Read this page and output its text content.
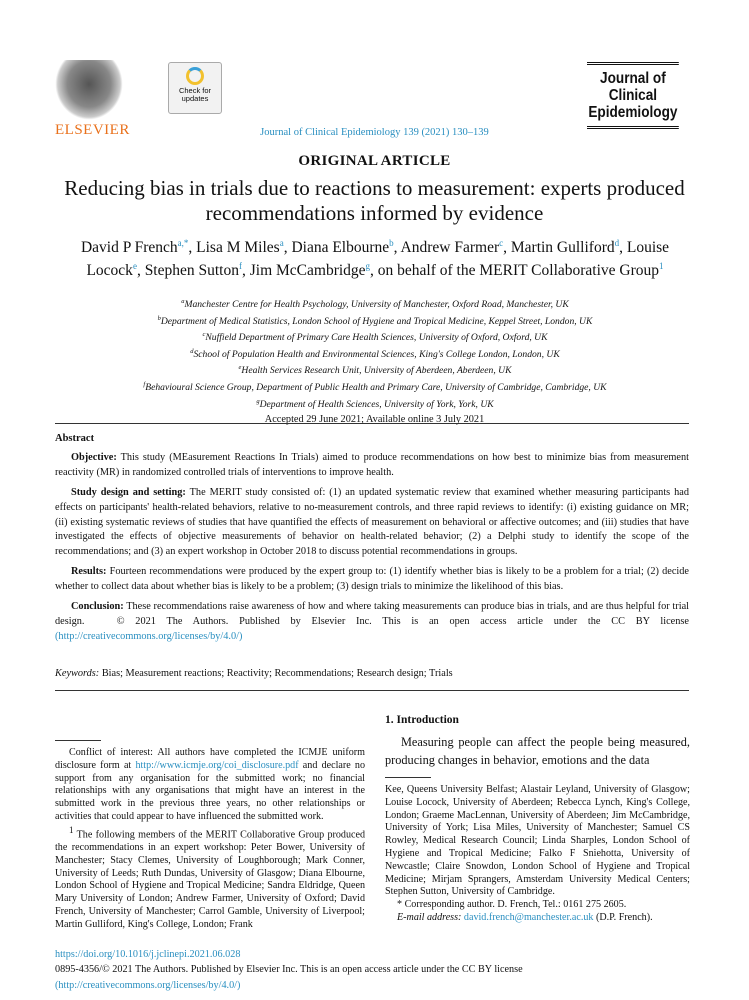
ELSEVIER
Check for updates
Journal of Clinical Epidemiology
Journal of Clinical Epidemiology 139 (2021) 130–139
ORIGINAL ARTICLE
Reducing bias in trials due to reactions to measurement: experts produced recommendations informed by evidence
David P French$^{a,*}$, Lisa M Miles$^a$, Diana Elbourne$^b$, Andrew Farmer$^c$, Martin Gulliford$^d$, Louise Locock$^e$, Stephen Sutton$^f$, Jim McCambridge$^g$, on behalf of the MERIT Collaborative Group$^1$
$^a$Manchester Centre for Health Psychology, University of Manchester, Oxford Road, Manchester, UK
$^b$Department of Medical Statistics, London School of Hygiene and Tropical Medicine, Keppel Street, London, UK
$^c$Nuffield Department of Primary Care Health Sciences, University of Oxford, Oxford, UK
$^d$School of Population Health and Environmental Sciences, King's College London, London, UK
$^e$Health Services Research Unit, University of Aberdeen, Aberdeen, UK
$^f$Behavioural Science Group, Department of Public Health and Primary Care, University of Cambridge, Cambridge, UK
$^g$Department of Health Sciences, University of York, York, UK
Accepted 29 June 2021; Available online 3 July 2021
Abstract

Objective: This study (MEasurement Reactions In Trials) aimed to produce recommendations on how best to minimize bias from measurement reactivity (MR) in randomized controlled trials of interventions to improve health.

Study design and setting: The MERIT study consisted of: (1) an updated systematic review that examined whether measuring participants had effects on participants' health-related behaviors, relative to no-measurement controls, and three rapid reviews to identify: (i) existing guidance on MR; (ii) existing systematic reviews of studies that have quantified the effects of measurement on behavioral or affective outcomes; and (iii) studies that have investigated the effects of objective measurements of behavior on health-related behavior; (2) a Delphi study to identify the scope of the recommendations; and (3) an expert workshop in October 2018 to discuss potential recommendations in groups.

Results: Fourteen recommendations were produced by the expert group to: (1) identify whether bias is likely to be a problem for a trial; (2) decide whether to collect data about whether bias is likely to be a problem; (3) design trials to minimize the likelihood of this bias.

Conclusion: These recommendations raise awareness of how and where taking measurements can produce bias in trials, and are thus helpful for trial design.	© 2021 The Authors. Published by Elsevier Inc. This is an open access article under the CC BY license (http://creativecommons.org/licenses/by/4.0/)

Keywords: Bias; Measurement reactions; Reactivity; Recommendations; Research design; Trials

Conflict of interest: All authors have completed the ICMJE uniform disclosure form at http://www.icmje.org/coi_disclosure.pdf and declare no support from any organisation for the submitted work; no financial relationships with any organisations that might have an interest in the submitted work in the previous three years, no other relationships or activities that could appear to have influenced the submitted work.

$^1$ The following members of the MERIT Collaborative Group produced the recommendations in an expert workshop: Peter Bower, University of Manchester; Stacy Clemes, University of Loughborough; Mark Conner, University of Leeds; Ruth Dundas, University of Glasgow; Diana Elbourne, London School of Hygiene and Tropical Medicine; Sandra Eldridge, Queen Mary University of London; Andrew Farmer, University of Oxford; David French, University of Manchester; Carrol Gamble, University of Liverpool; Martin Gulliford, King's College, London; Frank

1. Introduction

Measuring people can affect the people being measured, producing changes in behavior, emotions and the data

Kee, Queens University Belfast; Alastair Leyland, University of Glasgow; Louise Locock, University of Aberdeen; Rebecca Lynch, King's College, London; Graeme MacLennan, University of Aberdeen; Jim McCambridge, University of York; Lisa Miles, University of Manchester; Samuel CS Rowley, Medical Research Council; Linda Sharples, London School of Hygiene and Tropical Medicine; Falko F Sniehotta, University of Newcastle; Claire Snowdon, London School of Hygiene and Tropical Medicine; Mirjam Sprangers, Amsterdam University Medical Centers; Stephen Sutton, University of Cambridge.

* Corresponding author. D. French, Tel.: 0161 275 2605.
E-mail address: david.french@manchester.ac.uk (D.P. French).

https://doi.org/10.1016/j.jclinepi.2021.06.028
0895-4356/© 2021 The Authors. Published by Elsevier Inc. This is an open access article under the CC BY license
(http://creativecommons.org/licenses/by/4.0/)
